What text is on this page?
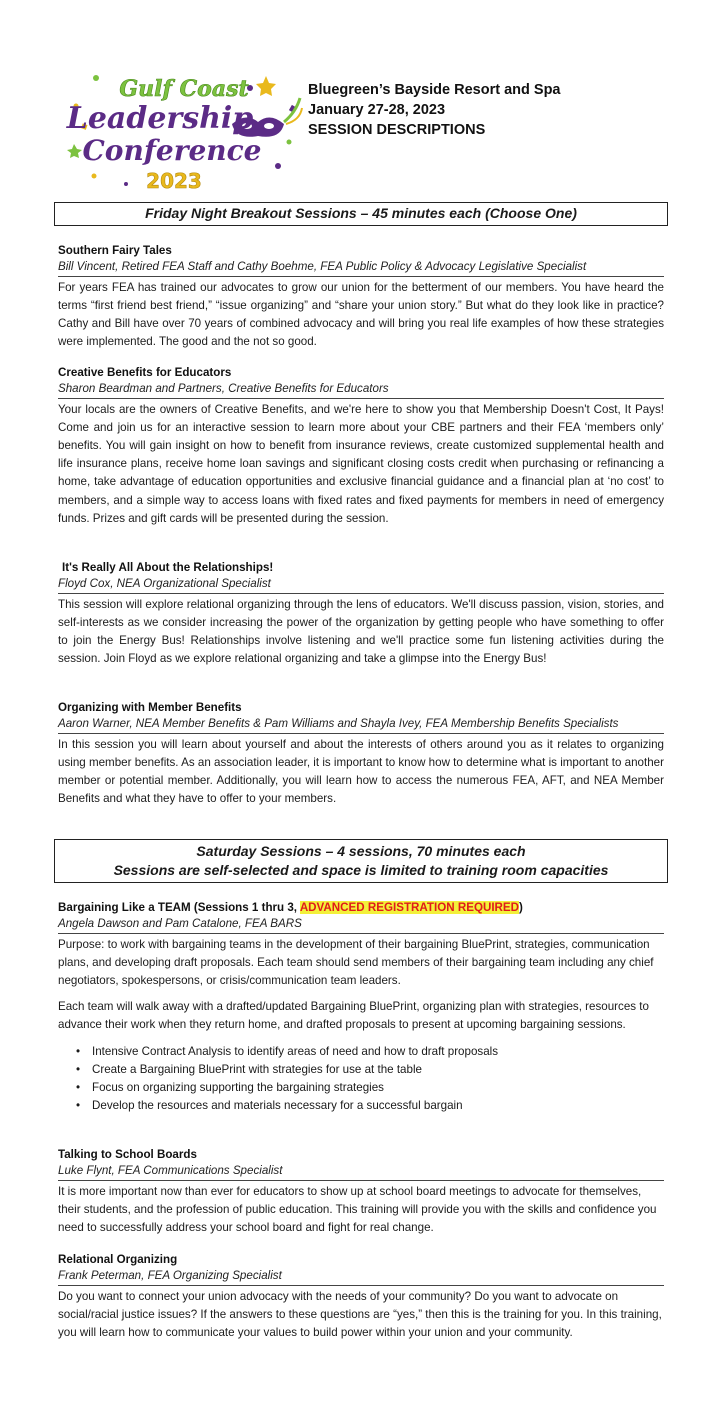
Gulf Coast
Leadership
Conference
2023
Bluegreen’s Bayside Resort and Spa
January 27-28, 2023
SESSION DESCRIPTIONS
Friday Night Breakout Sessions – 45 minutes each (Choose One)
Southern Fairy Tales
Bill Vincent, Retired FEA Staff and Cathy Boehme, FEA Public Policy & Advocacy Legislative Specialist
For years FEA has trained our advocates to grow our union for the betterment of our members. You have heard the terms “first friend best friend,” “issue organizing” and “share your union story.” But what do they look like in practice? Cathy and Bill have over 70 years of combined advocacy and will bring you real life examples of how these strategies were implemented. The good and the not so good.
Creative Benefits for Educators
Sharon Beardman and Partners, Creative Benefits for Educators
Your locals are the owners of Creative Benefits, and we're here to show you that Membership Doesn't Cost, It Pays! Come and join us for an interactive session to learn more about your CBE partners and their FEA ‘members only’ benefits. You will gain insight on how to benefit from insurance reviews, create customized supplemental health and life insurance plans, receive home loan savings and significant closing costs credit when purchasing or refinancing a home, take advantage of education opportunities and exclusive financial guidance and a financial plan at ‘no cost’ to members, and a simple way to access loans with fixed rates and fixed payments for members in need of emergency funds. Prizes and gift cards will be presented during the session.
It's Really All About the Relationships!
Floyd Cox, NEA Organizational Specialist
This session will explore relational organizing through the lens of educators. We'll discuss passion, vision, stories, and self-interests as we consider increasing the power of the organization by getting people who have something to offer to join the Energy Bus! Relationships involve listening and we'll practice some fun listening activities during the session. Join Floyd as we explore relational organizing and take a glimpse into the Energy Bus!
Organizing with Member Benefits
Aaron Warner, NEA Member Benefits & Pam Williams and Shayla Ivey, FEA Membership Benefits Specialists
In this session you will learn about yourself and about the interests of others around you as it relates to organizing using member benefits. As an association leader, it is important to know how to determine what is important to another member or potential member. Additionally, you will learn how to access the numerous FEA, AFT, and NEA Member Benefits and what they have to offer to your members.
Saturday Sessions – 4 sessions, 70 minutes each
Sessions are self-selected and space is limited to training room capacities
Bargaining Like a TEAM (Sessions 1 thru 3, ADVANCED REGISTRATION REQUIRED)
Angela Dawson and Pam Catalone, FEA BARS

Purpose: to work with bargaining teams in the development of their bargaining BluePrint, strategies, communication plans, and developing draft proposals. Each team should send members of their bargaining team including any chief negotiators, spokespersons, or crisis/communication team leaders.

Each team will walk away with a drafted/updated Bargaining BluePrint, organizing plan with strategies, resources to advance their work when they return home, and drafted proposals to present at upcoming bargaining sessions.

• Intensive Contract Analysis to identify areas of need and how to draft proposals
• Create a Bargaining BluePrint with strategies for use at the table
• Focus on organizing supporting the bargaining strategies
• Develop the resources and materials necessary for a successful bargain
Talking to School Boards
Luke Flynt, FEA Communications Specialist
It is more important now than ever for educators to show up at school board meetings to advocate for themselves, their students, and the profession of public education. This training will provide you with the skills and confidence you need to successfully address your school board and fight for real change.
Relational Organizing
Frank Peterman, FEA Organizing Specialist
Do you want to connect your union advocacy with the needs of your community? Do you want to advocate on social/racial justice issues? If the answers to these questions are “yes,” then this is the training for you. In this training, you will learn how to communicate your values to build power within your union and your community.
